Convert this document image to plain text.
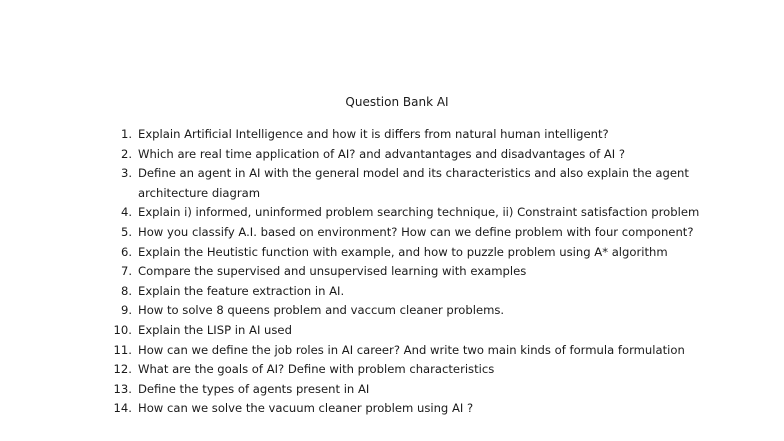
Question Bank AI
1. Explain Artificial Intelligence and how it is differs from natural human intelligent?
2. Which are real time application of AI? and advantantages and disadvantages of AI ?
3. Define an agent in AI with the general model and its characteristics and also explain the agent architecture diagram
4. Explain i) informed, uninformed problem searching technique, ii) Constraint satisfaction problem
5. How you classify A.I. based on environment? How can we define problem with four component?
6. Explain the Heutistic function with example, and how to puzzle problem using A* algorithm
7. Compare the supervised and unsupervised learning with examples
8. Explain the feature extraction in AI.
9. How to solve 8 queens problem and vaccum cleaner problems.
10. Explain the LISP in AI used
11. How can we define the job roles in AI career? And write two main kinds of formula formulation
12. What are the goals of AI? Define with problem characteristics
13. Define the types of agents present in AI
14. How can we solve the vacuum cleaner problem using AI ?
